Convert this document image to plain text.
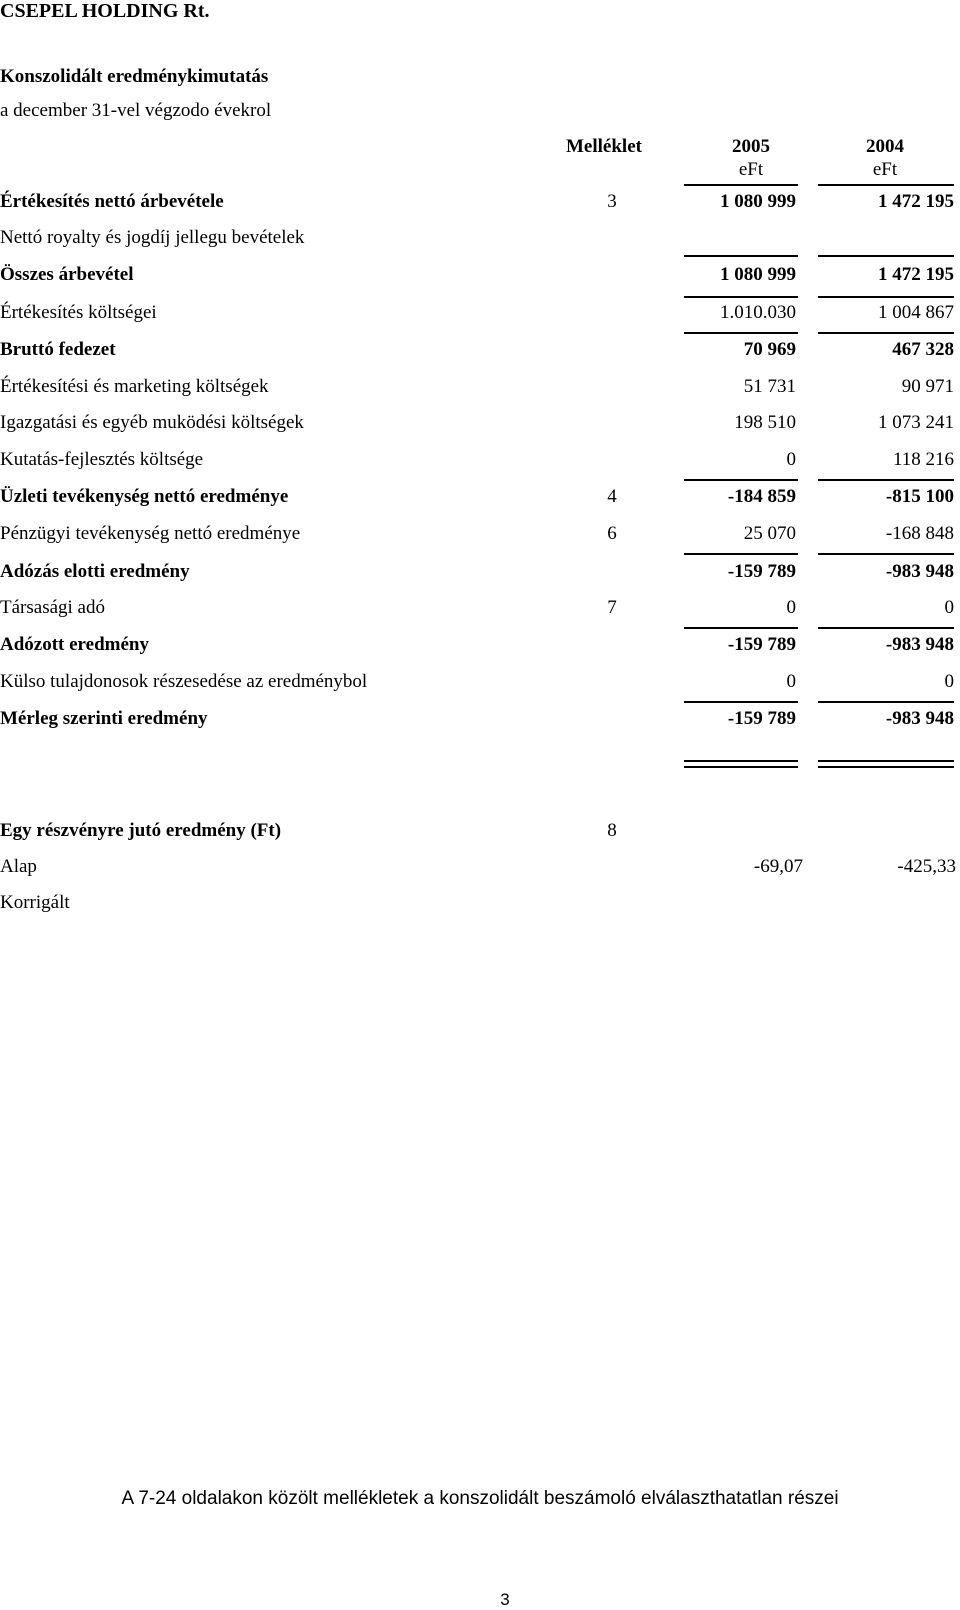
CSEPEL HOLDING Rt.
Konszolidált eredménykimutatás
a december 31-vel végzodo évekrol
Melléklet	2005	2004
eFt	eFt
Értékesítés nettó árbevétele	3	1 080 999	1 472 195
Nettó royalty és jogdíj jellegu bevételek
Összes árbevétel	1 080 999	1 472 195
Értékesítés költségei	1.010.030	1 004 867
Bruttó fedezet	70 969	467 328
Értékesítési és marketing költségek	51 731	90 971
Igazgatási és egyéb muködési költségek	198 510	1 073 241
Kutatás-fejlesztés költsége	0	118 216
Üzleti tevékenység nettó eredménye	4	-184 859	-815 100
Pénzügyi tevékenység nettó eredménye	6	25 070	-168 848
Adózás elotti eredmény	-159 789	-983 948
Társasági adó	7	0	0
Adózott eredmény	-159 789	-983 948
Külso tulajdonosok részesedése az eredménybol	0	0
Mérleg szerinti eredmény	-159 789	-983 948
Egy részvényre jutó eredmény (Ft)	8
Alap	-69,07	-425,33
Korrigált
A 7-24 oldalakon közölt mellékletek a konszolidált beszámoló elválaszthatatlan részei
3
